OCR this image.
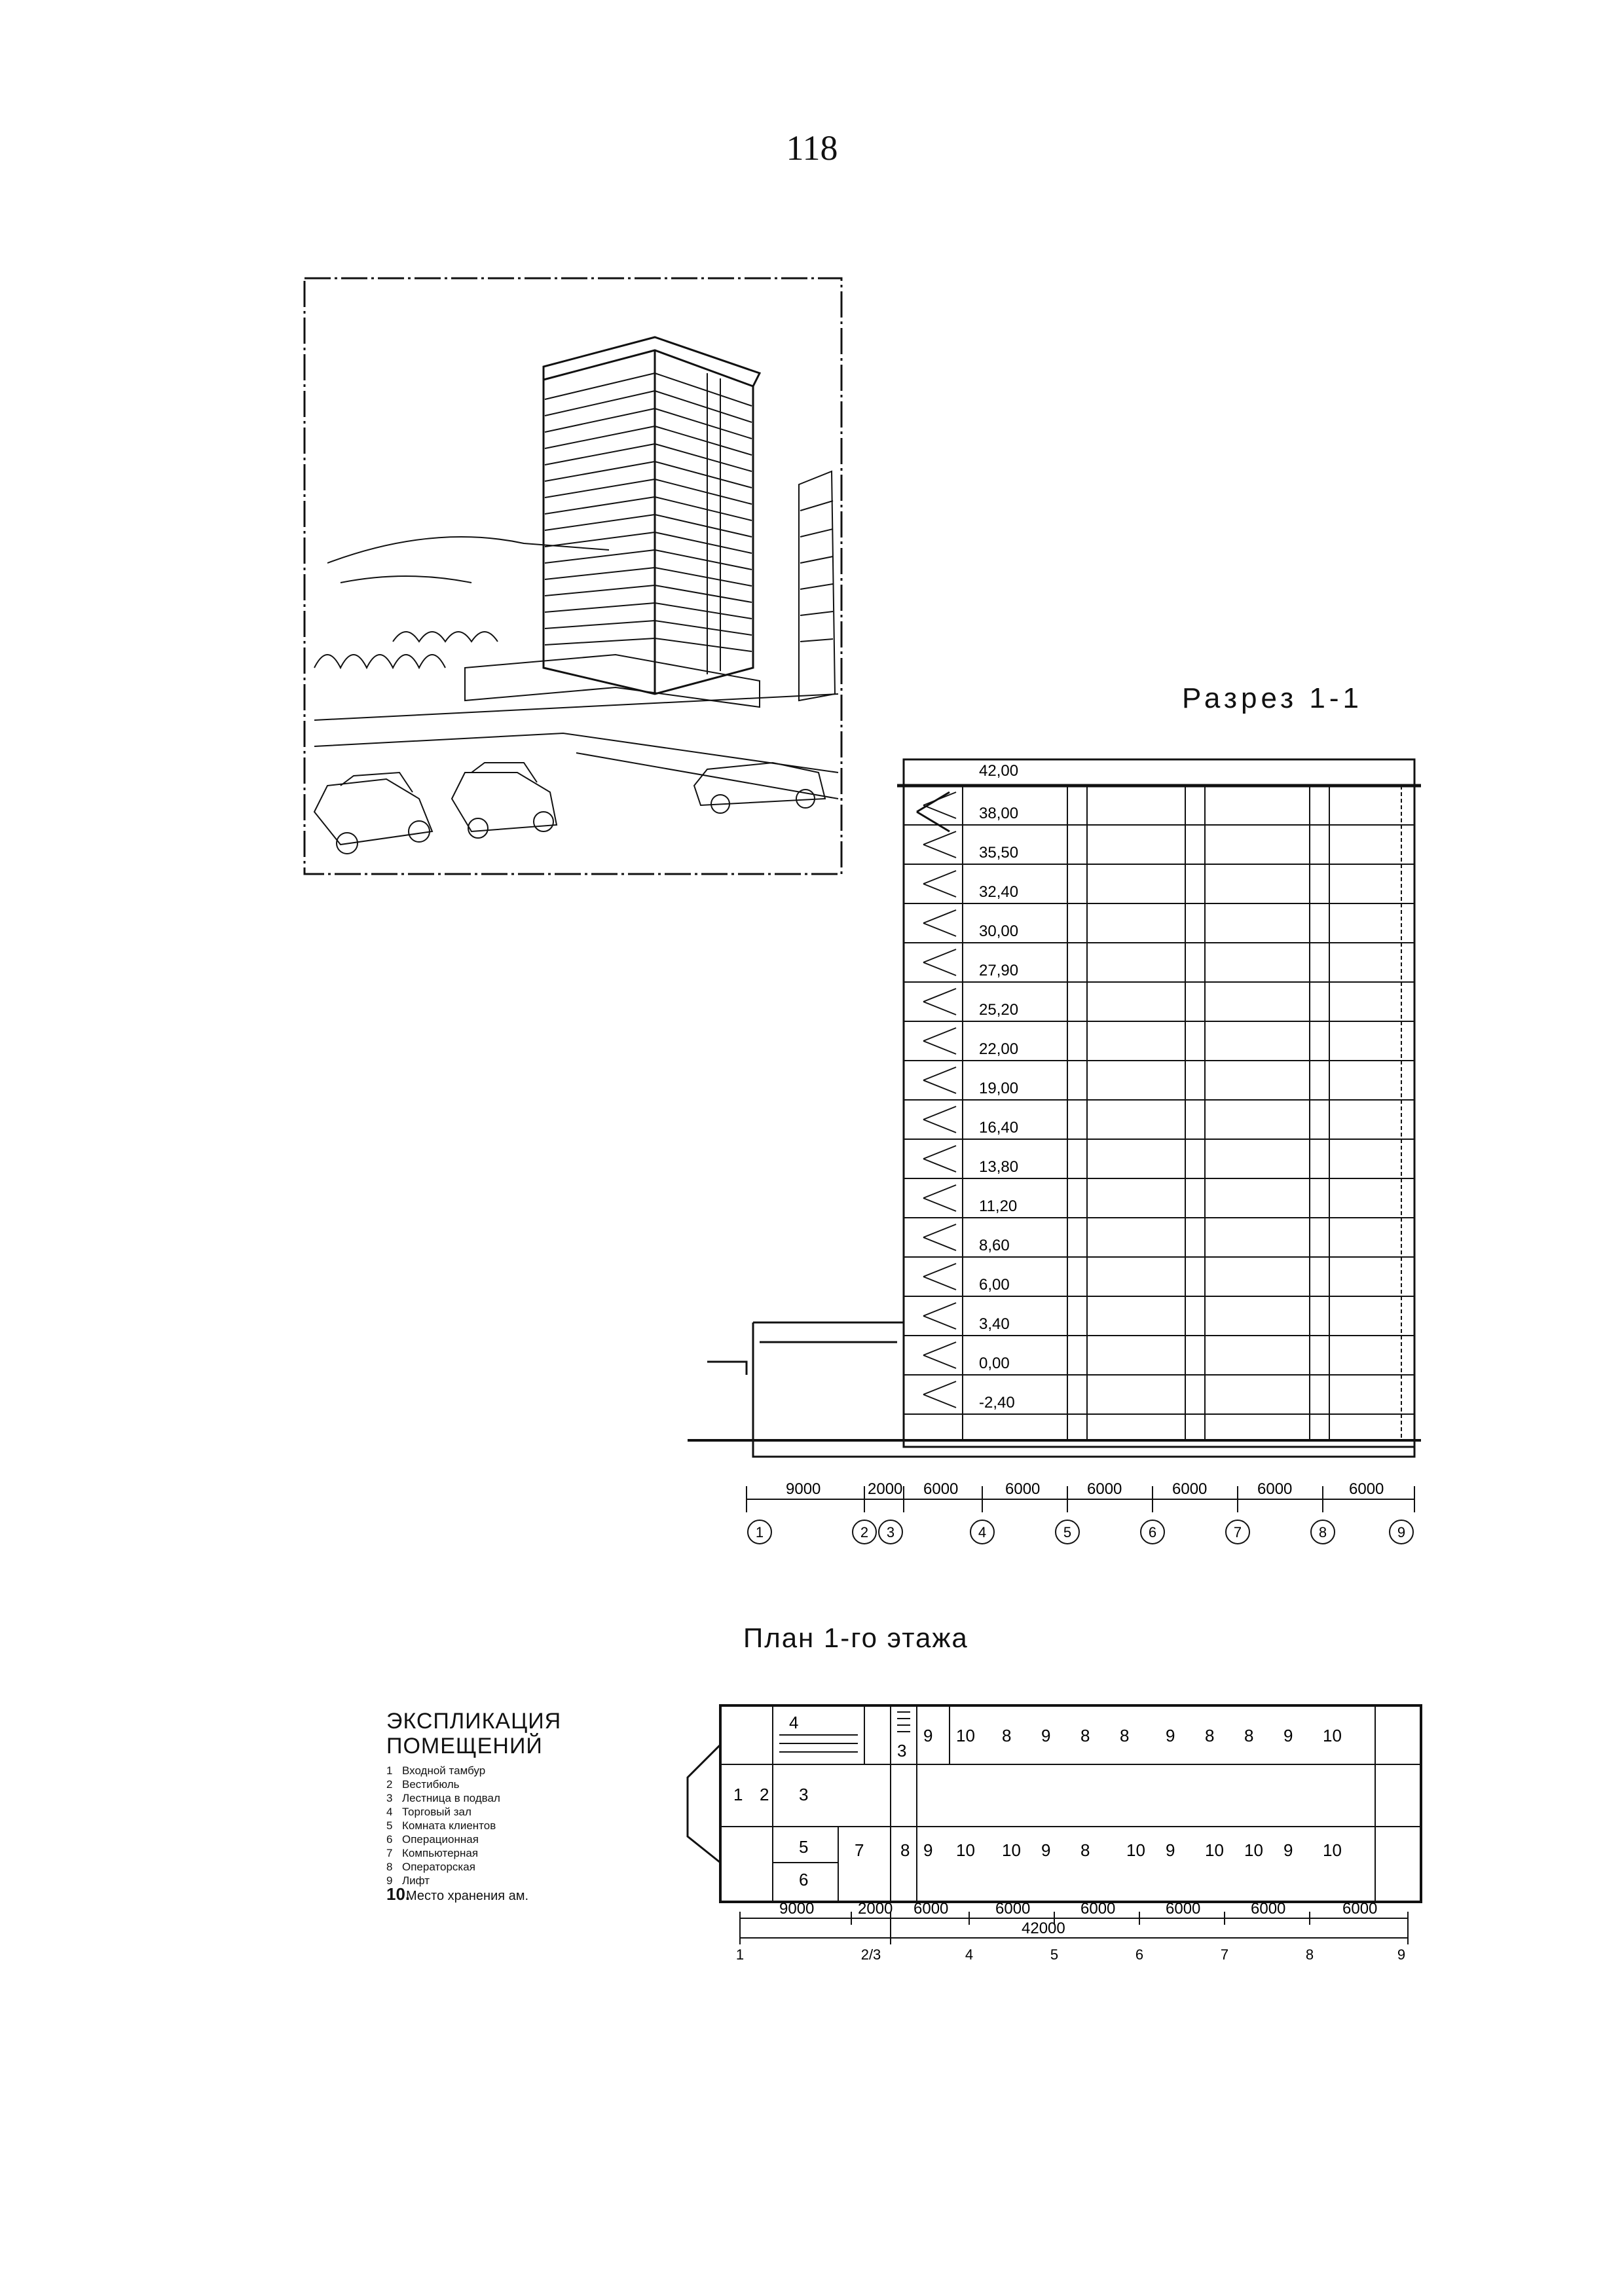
118
Разрез 1-1
42,00
38,00
35,50
32,40
30,00
27,90
25,20
22,00
19,00
16,40
13,80
11,20
8,60
6,00
3,40
0,00
-2,40
9000	2000 6000	6000	6000	6000	6000	6000
1	2 3	4	5	6	7	8	9
План 1-го этажа
ЭКСПЛИКАЦИЯ
ПОМЕЩЕНИЙ
1 Входной тамбур
2 Вестибюль
3 Лестница в подвал
4 Торговый зал
5 Комната клиентов
6 Операционная
7 Компьютерная
8 Операторская
9 Лифт
10.Место хранения ам.
4
3
9 10 8 9 8 8 9 8 8 9 10
1 2 3
5
6
7 8 9 10 10 9 8 10 9 10 10 9 10
9000	2000 6000	6000	6000	6000	6000	6000
42000
1	2/3	4	5	6	7	8	9
